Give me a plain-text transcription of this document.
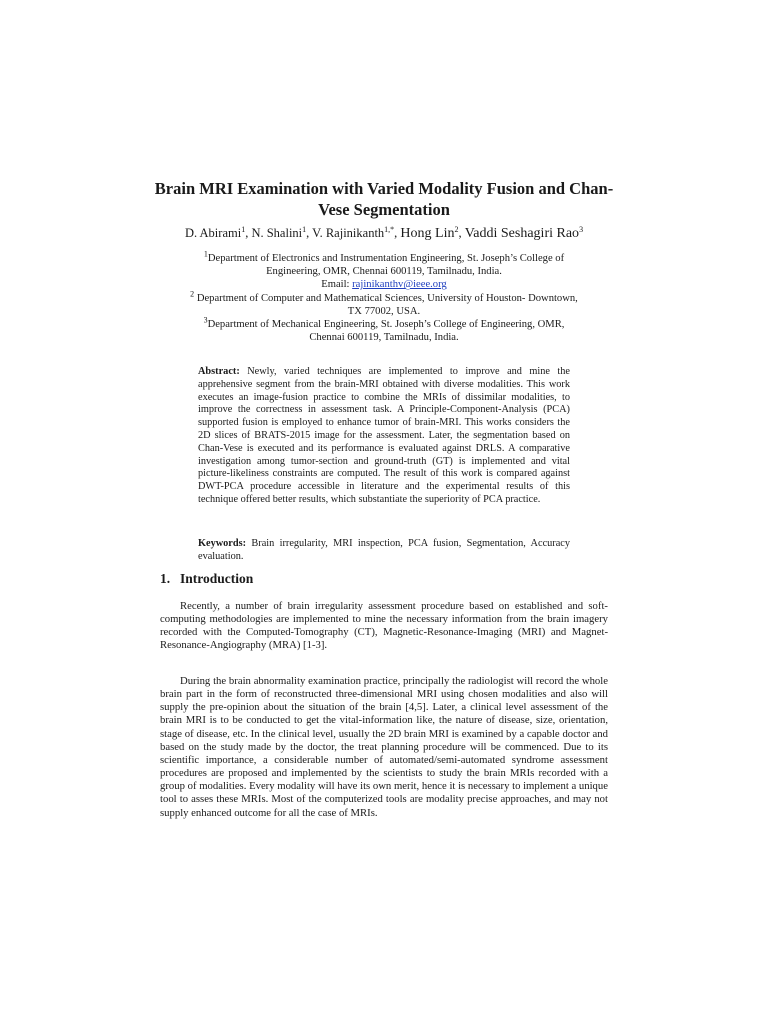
Brain MRI Examination with Varied Modality Fusion and Chan-Vese Segmentation
D. Abirami$^1$, N. Shalini$^1$, V. Rajinikanth$^{1,*}$, Hong Lin$^2$, Vaddi Seshagiri Rao$^3$
$^1$Department of Electronics and Instrumentation Engineering, St. Joseph’s College of
Engineering, OMR, Chennai 600119, Tamilnadu, India.
Email: rajinikanthv@ieee.org
$^2$ Department of Computer and Mathematical Sciences, University of Houston- Downtown,
TX 77002, USA.
$^3$Department of Mechanical Engineering, St. Joseph’s College of Engineering, OMR,
Chennai 600119, Tamilnadu, India.

Abstract: Newly, varied techniques are implemented to improve and mine the apprehensive segment from the brain-MRI obtained with diverse modalities. This work executes an image-fusion practice to combine the MRIs of dissimilar modalities, to improve the correctness in assessment task. A Principle-Component-Analysis (PCA) supported fusion is employed to enhance tumor of brain-MRI. This works considers the 2D slices of BRATS-2015 image for the assessment. Later, the segmentation based on Chan-Vese is executed and its performance is evaluated against DRLS. A comparative investigation among tumor-section and ground-truth (GT) is implemented and vital picture-likeliness constraints are computed. The result of this work is compared against DWT-PCA procedure accessible in literature and the experimental results of this technique offered better results, which substantiate the superiority of PCA practice.

Keywords: Brain irregularity, MRI inspection, PCA fusion, Segmentation, Accuracy evaluation.
1. Introduction

Recently, a number of brain irregularity assessment procedure based on established and soft-computing methodologies are implemented to mine the necessary information from the brain imagery recorded with the Computed-Tomography (CT), Magnetic-Resonance-Imaging (MRI) and Magnet-Resonance-Angiography (MRA) [1-3].

During the brain abnormality examination practice, principally the radiologist will record the whole brain part in the form of reconstructed three-dimensional MRI using chosen modalities and also will supply the pre-opinion about the situation of the brain [4,5]. Later, a clinical level assessment of the brain MRI is to be conducted to get the vital-information like, the nature of disease, size, orientation, stage of disease, etc. In the clinical level, usually the 2D brain MRI is examined by a capable doctor and based on the study made by the doctor, the treat planning procedure will be commenced. Due to its scientific importance, a considerable number of automated/semi-automated syndrome assessment procedures are proposed and implemented by the scientists to study the brain MRIs recorded with a group of modalities. Every modality will have its own merit, hence it is necessary to implement a unique tool to asses these MRIs. Most of the computerized tools are modality precise approaches, and may not supply enhanced outcome for all the case of MRIs.
